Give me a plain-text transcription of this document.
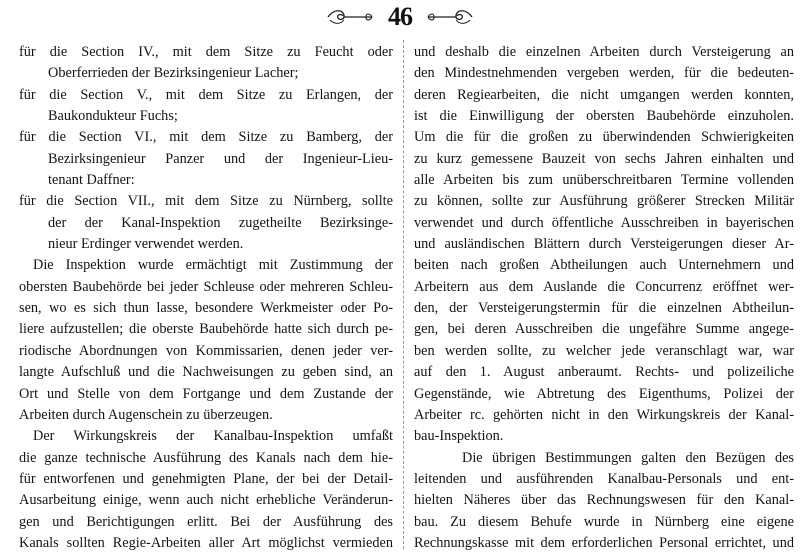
46
für die Section IV., mit dem Sitze zu Feucht oder
Oberferrieden der Bezirksingenieur Lacher;
für die Section V., mit dem Sitze zu Erlangen, der
Baukondukteur Fuchs;
für die Section VI., mit dem Sitze zu Bamberg, der
Bezirksingenieur Panzer und der Ingenieur-Lieu-
tenant Daffner:
für die Section VII., mit dem Sitze zu Nürnberg, sollte
der der Kanal-Inspektion zugetheilte Bezirksinge-
nieur Erdinger verwendet werden.
Die Inspektion wurde ermächtigt mit Zustimmung der
obersten Baubehörde bei jeder Schleuse oder mehreren Schleu-
sen, wo es sich thun lasse, besondere Werkmeister oder Po-
liere aufzustellen; die oberste Baubehörde hatte sich durch pe-
riodische Abordnungen von Kommissarien, denen jeder ver-
langte Aufschluß und die Nachweisungen zu geben sind, an
Ort und Stelle von dem Fortgange und dem Zustande der
Arbeiten durch Augenschein zu überzeugen.
Der Wirkungskreis der Kanalbau-Inspektion umfaßt
die ganze technische Ausführung des Kanals nach dem hie-
für entworfenen und genehmigten Plane, der bei der Detail-
Ausarbeitung einige, wenn auch nicht erhebliche Veränderun-
gen und Berichtigungen erlitt. Bei der Ausführung des
Kanals sollten Regie-Arbeiten aller Art möglichst vermieden
und deshalb die einzelnen Arbeiten durch Versteigerung an
den Mindestnehmenden vergeben werden, für die bedeuten-
deren Regiearbeiten, die nicht umgangen werden konnten,
ist die Einwilligung der obersten Baubehörde einzuholen.
Um die für die großen zu überwindenden Schwierigkeiten
zu kurz gemessene Bauzeit von sechs Jahren einhalten und
alle Arbeiten bis zum unüberschreitbaren Termine vollenden
zu können, sollte zur Ausführung größerer Strecken Militär
verwendet und durch öffentliche Ausschreiben in bayerischen
und ausländischen Blättern durch Versteigerungen dieser Ar-
beiten nach großen Abtheilungen auch Unternehmern und
Arbeitern aus dem Auslande die Concurrenz eröffnet wer-
den, der Versteigerungstermin für die einzelnen Abtheilun-
gen, bei deren Ausschreiben die ungefähre Summe angege-
ben werden sollte, zu welcher jede veranschlagt war, war
auf den 1. August anberaumt. Rechts- und polizeiliche
Gegenstände, wie Abtretung des Eigenthums, Polizei der
Arbeiter rc. gehörten nicht in den Wirkungskreis der Kanal-
bau-Inspektion.
Die übrigen Bestimmungen galten den Bezügen des
leitenden und ausführenden Kanalbau-Personals und ent-
hielten Näheres über das Rechnungswesen für den Kanal-
bau. Zu diesem Behufe wurde in Nürnberg eine eigene
Rechnungskasse mit dem erforderlichen Personal errichtet, und
